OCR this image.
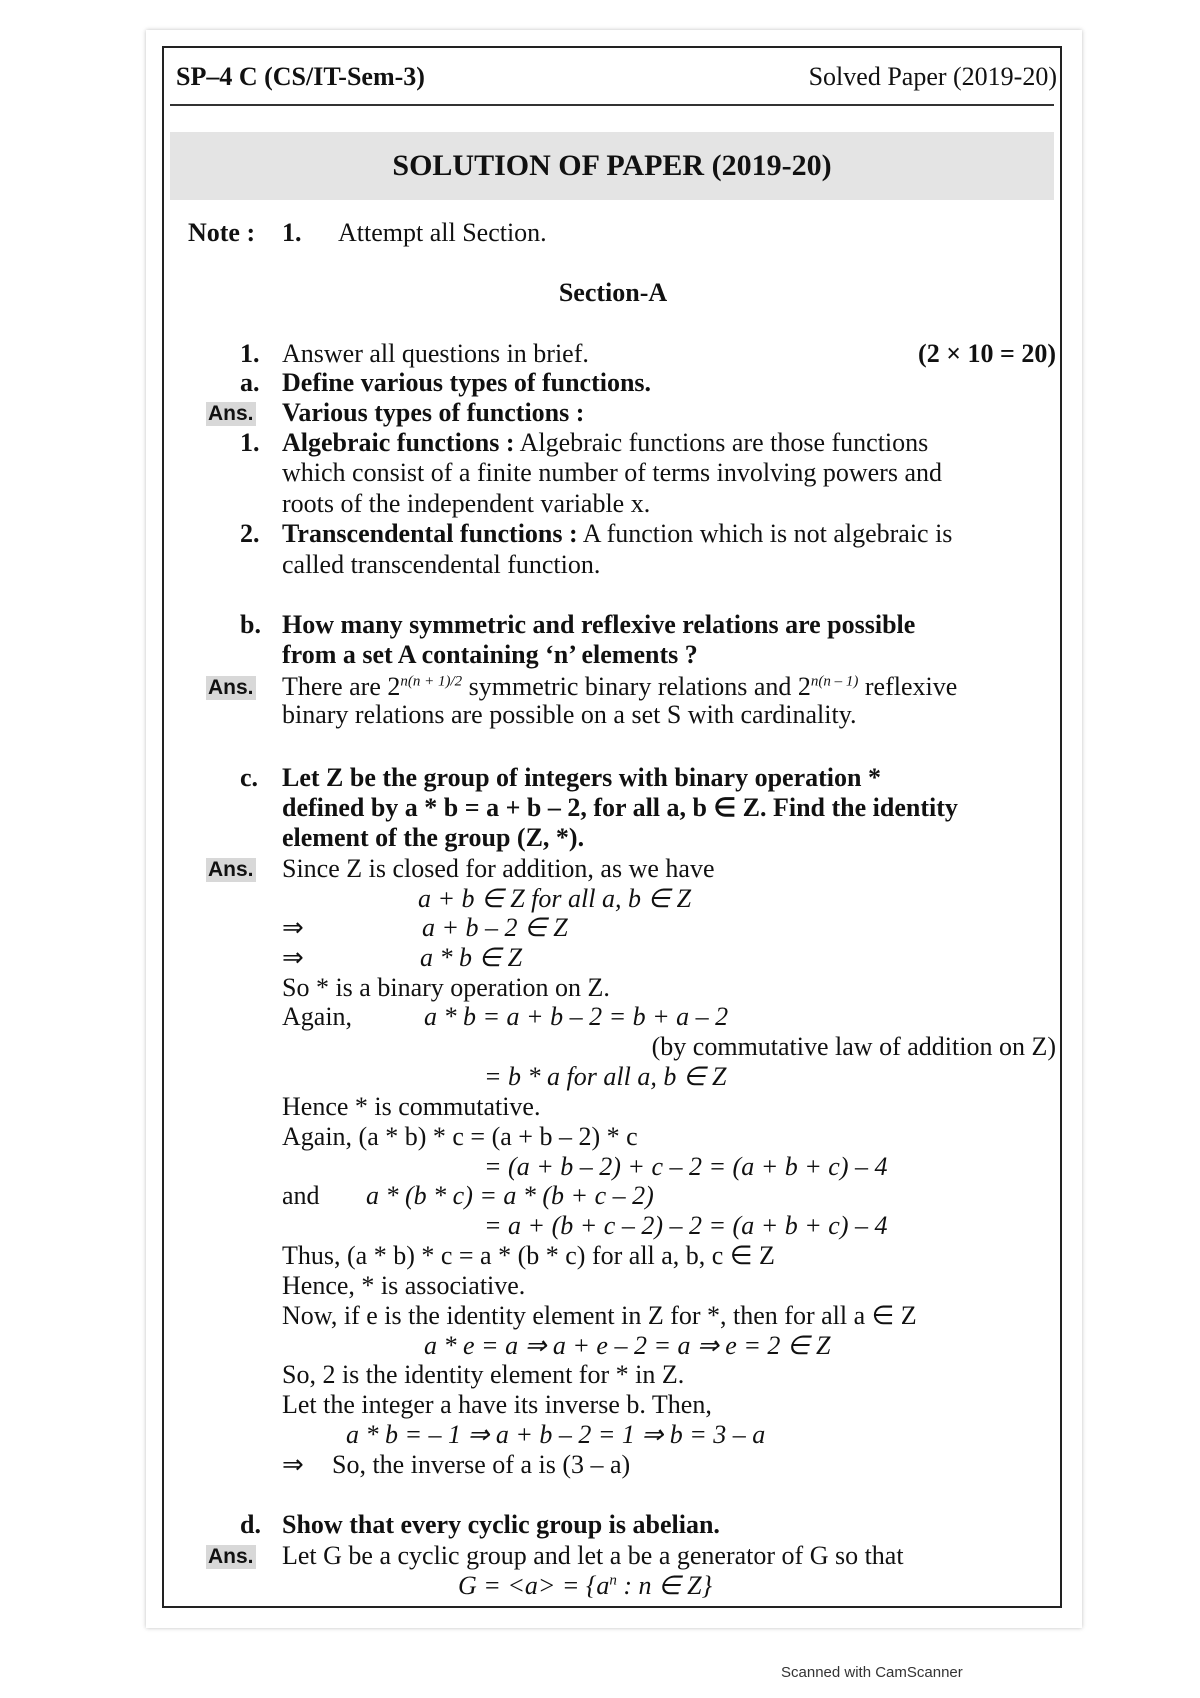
SP–4 C (CS/IT-Sem-3)	Solved Paper (2019-20)
SOLUTION OF PAPER (2019-20)
Note : 1. Attempt all Section.
Section-A
1. Answer all questions in brief.	(2 × 10 = 20)
a. Define various types of functions.
Ans. Various types of functions :
1. Algebraic functions : Algebraic functions are those functions
which consist of a finite number of terms involving powers and
roots of the independent variable x.
2. Transcendental functions : A function which is not algebraic is
called transcendental function.
b. How many symmetric and reflexive relations are possible
from a set A containing ‘n’ elements ?
Ans. There are $2^{n(n + 1)/2}$ symmetric binary relations and $2^{n(n - 1)}$ reflexive
binary relations are possible on a set S with cardinality.
c. Let Z be the group of integers with binary operation *
defined by a * b = a + b – 2, for all a, b ∈ Z. Find the identity
element of the group (Z, *).
Ans. Since Z is closed for addition, as we have
a + b ∈ Z for all a, b ∈ Z
⇒	a + b – 2 ∈ Z
⇒	a * b ∈ Z
So * is a binary operation on Z.
Again,	a * b = a + b – 2 = b + a – 2
(by commutative law of addition on Z)
= b * a for all a, b ∈ Z
Hence * is commutative.
Again, (a * b) * c = (a + b – 2) * c
= (a + b – 2) + c – 2 = (a + b + c) – 4
and a * (b * c) = a * (b + c – 2)
= a + (b + c – 2) – 2 = (a + b + c) – 4
Thus, (a * b) * c = a * (b * c) for all a, b, c ∈ Z
Hence, * is associative.
Now, if e is the identity element in Z for *, then for all a ∈ Z
a * e = a ⇒ a + e – 2 = a ⇒ e = 2 ∈ Z
So, 2 is the identity element for * in Z.
Let the integer a have its inverse b. Then,
a * b = – 1 ⇒ a + b – 2 = 1 ⇒ b = 3 – a
⇒ So, the inverse of a is (3 – a)
d. Show that every cyclic group is abelian.
Ans. Let G be a cyclic group and let a be a generator of G so that
$G = <a> = \{a^n$ : n ∈ Z}
Scanned with CamScanner
